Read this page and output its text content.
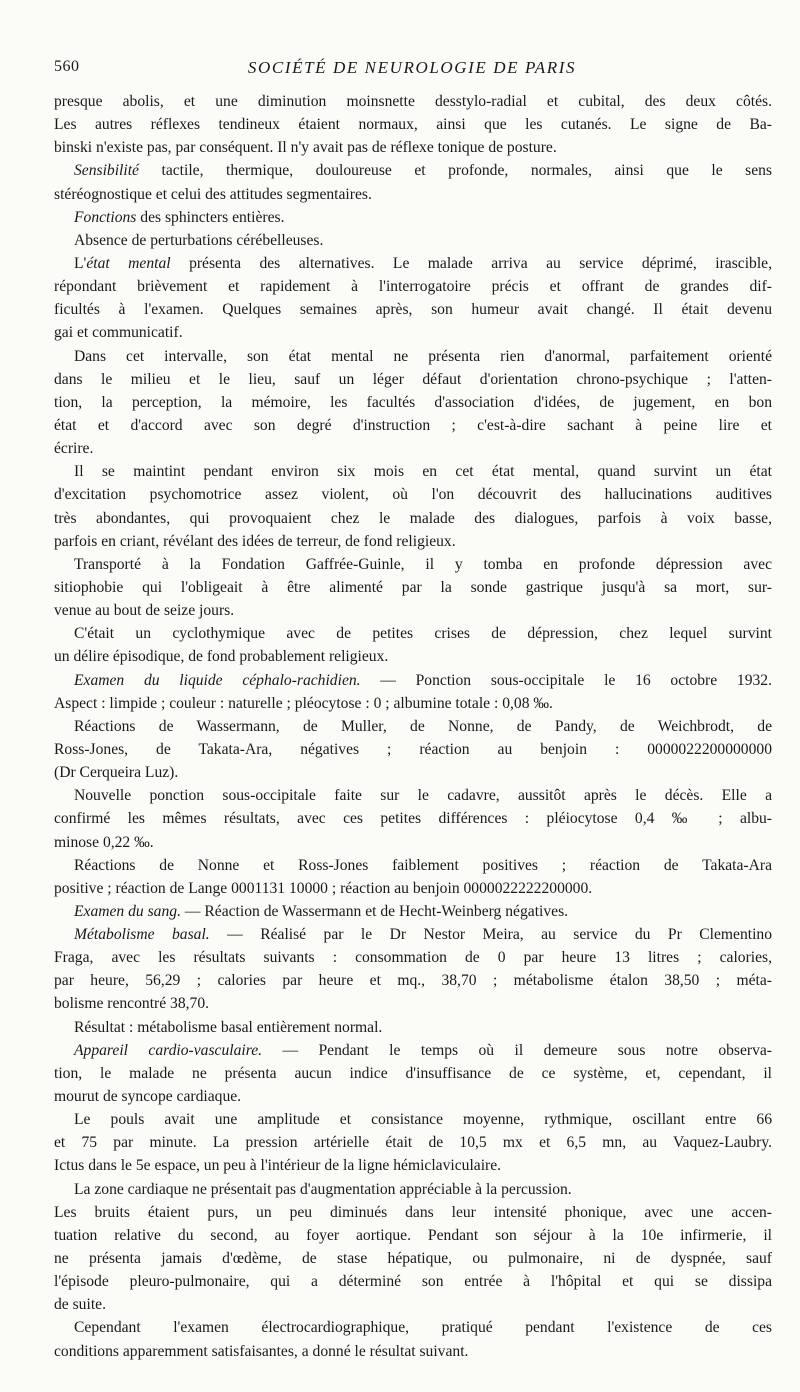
560	SOCIÉTÉ DE NEUROLOGIE DE PARIS
presque abolis, et une diminution moinsnette desstylo-radial et cubital, des deux côtés.
Les autres réflexes tendineux étaient normaux, ainsi que les cutanés. Le signe de Ba-
binski n'existe pas, par conséquent. Il n'y avait pas de réflexe tonique de posture.
Sensibilité tactile, thermique, douloureuse et profonde, normales, ainsi que le sens
stéréognostique et celui des attitudes segmentaires.
Fonctions des sphincters entières.
Absence de perturbations cérébelleuses.
L'état mental présenta des alternatives. Le malade arriva au service déprimé, irascible,
répondant brièvement et rapidement à l'interrogatoire précis et offrant de grandes dif-
ficultés à l'examen. Quelques semaines après, son humeur avait changé. Il était devenu
gai et communicatif.
Dans cet intervalle, son état mental ne présenta rien d'anormal, parfaitement orienté
dans le milieu et le lieu, sauf un léger défaut d'orientation chrono-psychique ; l'atten-
tion, la perception, la mémoire, les facultés d'association d'idées, de jugement, en bon
état et d'accord avec son degré d'instruction ; c'est-à-dire sachant à peine lire et
écrire.
Il se maintint pendant environ six mois en cet état mental, quand survint un état
d'excitation psychomotrice assez violent, où l'on découvrit des hallucinations auditives
très abondantes, qui provoquaient chez le malade des dialogues, parfois à voix basse,
parfois en criant, révélant des idées de terreur, de fond religieux.
Transporté à la Fondation Gaffrée-Guinle, il y tomba en profonde dépression avec
sitiophobie qui l'obligeait à être alimenté par la sonde gastrique jusqu'à sa mort, sur-
venue au bout de seize jours.
C'était un cyclothymique avec de petites crises de dépression, chez lequel survint
un délire épisodique, de fond probablement religieux.
Examen du liquide céphalo-rachidien. — Ponction sous-occipitale le 16 octobre 1932.
Aspect : limpide ; couleur : naturelle ; pléocytose : 0 ; albumine totale : 0,08 ‰.
Réactions de Wassermann, de Muller, de Nonne, de Pandy, de Weichbrodt, de
Ross-Jones, de Takata-Ara, négatives ; réaction au benjoin : 0000022200000000
(Dr Cerqueira Luz).
Nouvelle ponction sous-occipitale faite sur le cadavre, aussitôt après le décès. Elle a
confirmé les mêmes résultats, avec ces petites différences : pléiocytose 0,4 ‰ ; albu-
minose 0,22 ‰.
Réactions de Nonne et Ross-Jones faiblement positives ; réaction de Takata-Ara
positive ; réaction de Lange 0001131 10000 ; réaction au benjoin 0000022222200000.
Examen du sang. — Réaction de Wassermann et de Hecht-Weinberg négatives.
Métabolisme basal. — Réalisé par le Dr Nestor Meira, au service du Pr Clementino
Fraga, avec les résultats suivants : consommation de 0 par heure 13 litres ; calories,
par heure, 56,29 ; calories par heure et mq., 38,70 ; métabolisme étalon 38,50 ; méta-
bolisme rencontré 38,70.
Résultat : métabolisme basal entièrement normal.
Appareil cardio-vasculaire. — Pendant le temps où il demeure sous notre observa-
tion, le malade ne présenta aucun indice d'insuffisance de ce système, et, cependant, il
mourut de syncope cardiaque.
Le pouls avait une amplitude et consistance moyenne, rythmique, oscillant entre 66
et 75 par minute. La pression artérielle était de 10,5 mx et 6,5 mn, au Vaquez-Laubry.
Ictus dans le 5e espace, un peu à l'intérieur de la ligne hémiclaviculaire.
La zone cardiaque ne présentait pas d'augmentation appréciable à la percussion.
Les bruits étaient purs, un peu diminués dans leur intensité phonique, avec une accen-
tuation relative du second, au foyer aortique. Pendant son séjour à la 10e infirmerie, il
ne présenta jamais d'œdème, de stase hépatique, ou pulmonaire, ni de dyspnée, sauf
l'épisode pleuro-pulmonaire, qui a déterminé son entrée à l'hôpital et qui se dissipa
de suite.
Cependant l'examen électrocardiographique, pratiqué pendant l'existence de ces
conditions apparemment satisfaisantes, a donné le résultat suivant.
